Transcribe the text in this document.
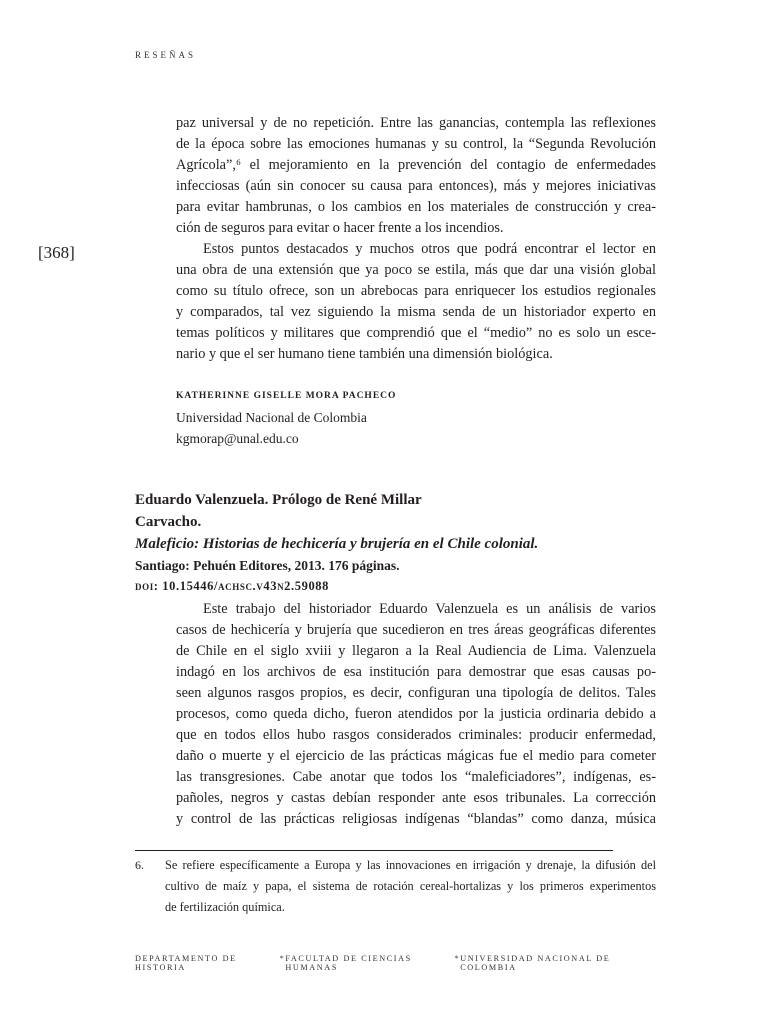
RESEÑAS
[368]
paz universal y de no repetición. Entre las ganancias, contempla las reflexiones
de la época sobre las emociones humanas y su control, la “Segunda Revolución
Agrícola”,⁶ el mejoramiento en la prevención del contagio de enfermedades
infecciosas (aún sin conocer su causa para entonces), más y mejores iniciativas
para evitar hambrunas, o los cambios en los materiales de construcción y crea-
ción de seguros para evitar o hacer frente a los incendios.
Estos puntos destacados y muchos otros que podrá encontrar el lector en
una obra de una extensión que ya poco se estila, más que dar una visión global
como su título ofrece, son un abrebocas para enriquecer los estudios regionales
y comparados, tal vez siguiendo la misma senda de un historiador experto en
temas políticos y militares que comprendió que el “medio” no es solo un esce-
nario y que el ser humano tiene también una dimensión biológica.
KATHERINNE GISELLE MORA PACHECO
Universidad Nacional de Colombia
kgmorap@unal.edu.co
Eduardo Valenzuela. Prólogo de René Millar
Carvacho.
Maleficio: Historias de hechicería y brujería en el Chile colonial.
Santiago: Pehuén Editores, 2013. 176 páginas.
doi: 10.15446/achsc.v43n2.59088
Este trabajo del historiador Eduardo Valenzuela es un análisis de varios
casos de hechicería y brujería que sucedieron en tres áreas geográficas diferentes
de Chile en el siglo xviii y llegaron a la Real Audiencia de Lima. Valenzuela
indagó en los archivos de esa institución para demostrar que esas causas po-
seen algunos rasgos propios, es decir, configuran una tipología de delitos. Tales
procesos, como queda dicho, fueron atendidos por la justicia ordinaria debido a
que en todos ellos hubo rasgos considerados criminales: producir enfermedad,
daño o muerte y el ejercicio de las prácticas mágicas fue el medio para cometer
las transgresiones. Cabe anotar que todos los “maleficiadores”, indígenas, es-
pañoles, negros y castas debían responder ante esos tribunales. La corrección
y control de las prácticas religiosas indígenas “blandas” como danza, música
6. Se refiere específicamente a Europa y las innovaciones en irrigación y drenaje, la difusión del
cultivo de maíz y papa, el sistema de rotación cereal-hortalizas y los primeros experimentos
de fertilización química.
DEPARTAMENTO DE HISTORIA
* FACULTAD DE CIENCIAS HUMANAS
* UNIVERSIDAD NACIONAL DE COLOMBIA
